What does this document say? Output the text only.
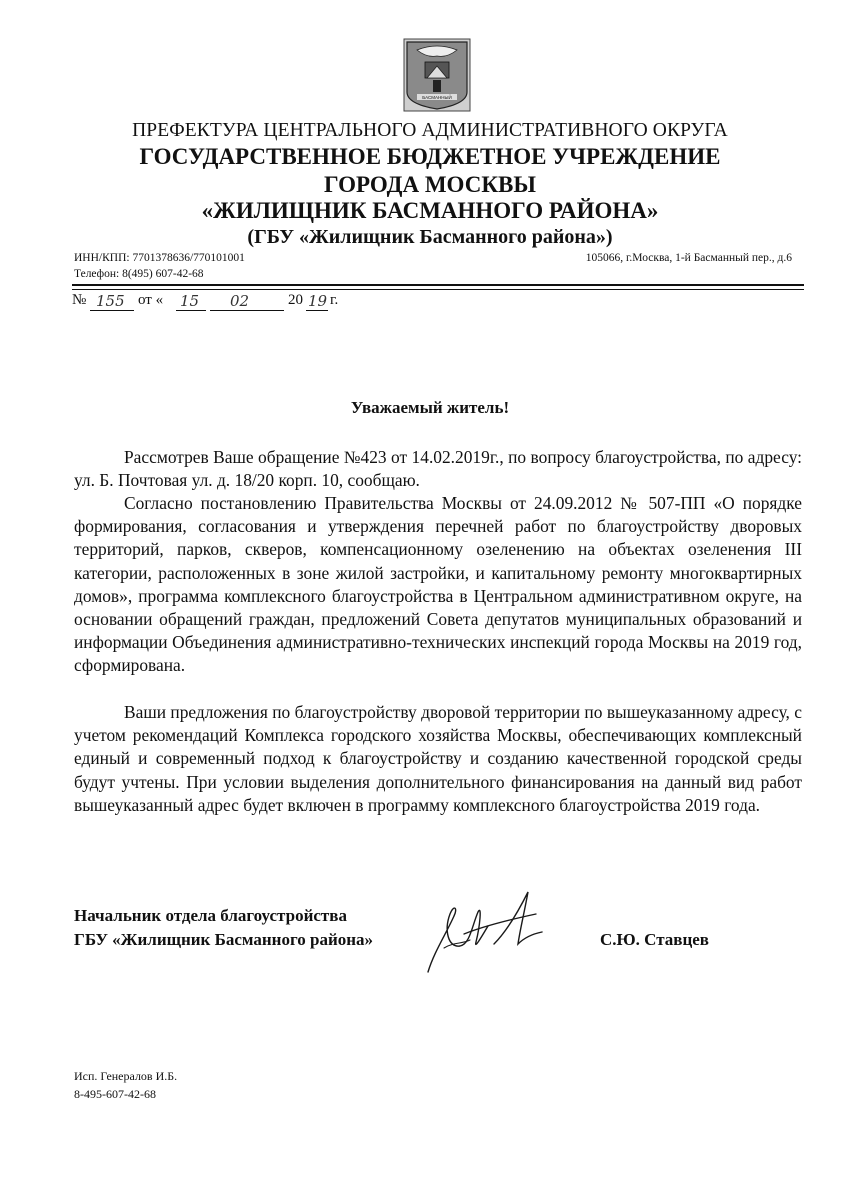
БАСМАННЫЙ
ПРЕФЕКТУРА ЦЕНТРАЛЬНОГО АДМИНИСТРАТИВНОГО ОКРУГА
ГОСУДАРСТВЕННОЕ БЮДЖЕТНОЕ УЧРЕЖДЕНИЕ
ГОРОДА МОСКВЫ
«ЖИЛИЩНИК БАСМАННОГО РАЙОНА»
(ГБУ «Жилищник Басманного района»)
ИНН/КПП: 7701378636/770101001	105066, г.Москва, 1-й Басманный пер., д.6
Телефон: 8(495) 607-42-68
№ 155 от « 15 02	20 19 г.
Уважаемый житель!
Рассмотрев Ваше обращение №423 от 14.02.2019г., по вопросу благоустройства, по адресу: ул. Б. Почтовая ул. д. 18/20 корп. 10, сообщаю.
Согласно постановлению Правительства Москвы от 24.09.2012 № 507-ПП «О порядке формирования, согласования и утверждения перечней работ по благоустройству дворовых территорий, парков, скверов, компенсационному озеленению на объектах озеленения III категории, расположенных в зоне жилой застройки, и капитальному ремонту многоквартирных домов», программа комплексного благоустройства в Центральном административном округе, на основании обращений граждан, предложений Совета депутатов муниципальных образований и информации Объединения административно-технических инспекций города Москвы на 2019 год, сформирована.
Ваши предложения по благоустройству дворовой территории по вышеуказанному адресу, с учетом рекомендаций Комплекса городского хозяйства Москвы, обеспечивающих комплексный единый и современный подход к благоустройству и созданию качественной городской среды будут учтены. При условии выделения дополнительного финансирования на данный вид работ вышеуказанный адрес будет включен в программу комплексного благоустройства 2019 года.
Начальник отдела благоустройства
ГБУ «Жилищник Басманного района»	С.Ю. Ставцев
Исп. Генералов И.Б.
8-495-607-42-68
